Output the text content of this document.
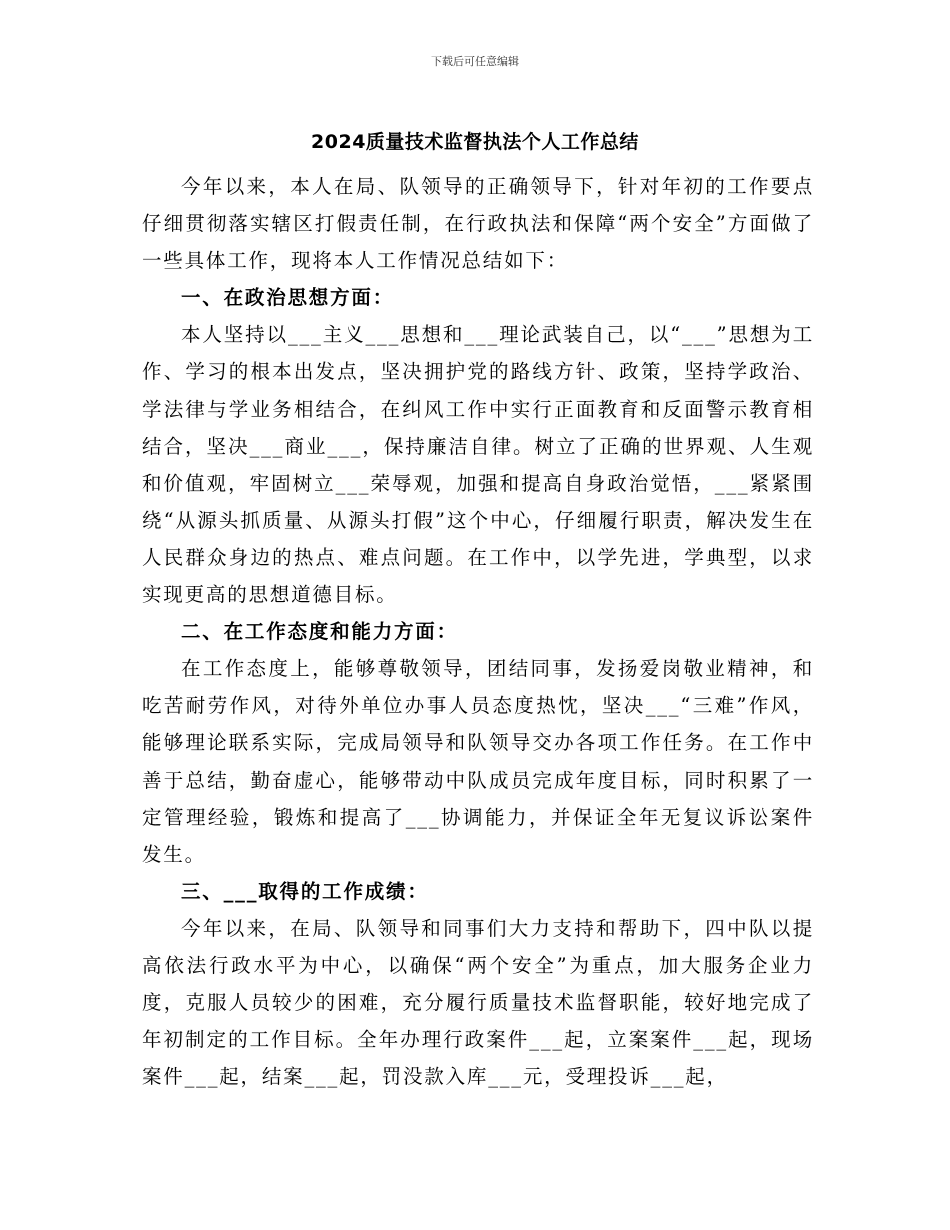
下载后可任意编辑
2024质量技术监督执法个人工作总结

今年以来，本人在局、队领导的正确领导下，针对年初的工作要点仔细贯彻落实辖区打假责任制，在行政执法和保障“两个安全”方面做了一些具体工作，现将本人工作情况总结如下：

一、在政治思想方面：

本人坚持以___主义___思想和___理论武装自己，以“___”思想为工作、学习的根本出发点，坚决拥护党的路线方针、政策，坚持学政治、学法律与学业务相结合，在纠风工作中实行正面教育和反面警示教育相结合，坚决___商业___，保持廉洁自律。树立了正确的世界观、人生观和价值观，牢固树立___荣辱观，加强和提高自身政治觉悟，___紧紧围绕“从源头抓质量、从源头打假”这个中心，仔细履行职责，解决发生在人民群众身边的热点、难点问题。在工作中，以学先进，学典型，以求实现更高的思想道德目标。

二、在工作态度和能力方面：

在工作态度上，能够尊敬领导，团结同事，发扬爱岗敬业精神，和吃苦耐劳作风，对待外单位办事人员态度热忱，坚决___“三难”作风，能够理论联系实际，完成局领导和队领导交办各项工作任务。在工作中善于总结，勤奋虚心，能够带动中队成员完成年度目标，同时积累了一定管理经验，锻炼和提高了___协调能力，并保证全年无复议诉讼案件发生。

三、___取得的工作成绩：

今年以来，在局、队领导和同事们大力支持和帮助下，四中队以提高依法行政水平为中心，以确保“两个安全”为重点，加大服务企业力度，克服人员较少的困难，充分履行质量技术监督职能，较好地完成了年初制定的工作目标。全年办理行政案件___起，立案案件___起，现场案件___起，结案___起，罚没款入库___元，受理投诉___起，
